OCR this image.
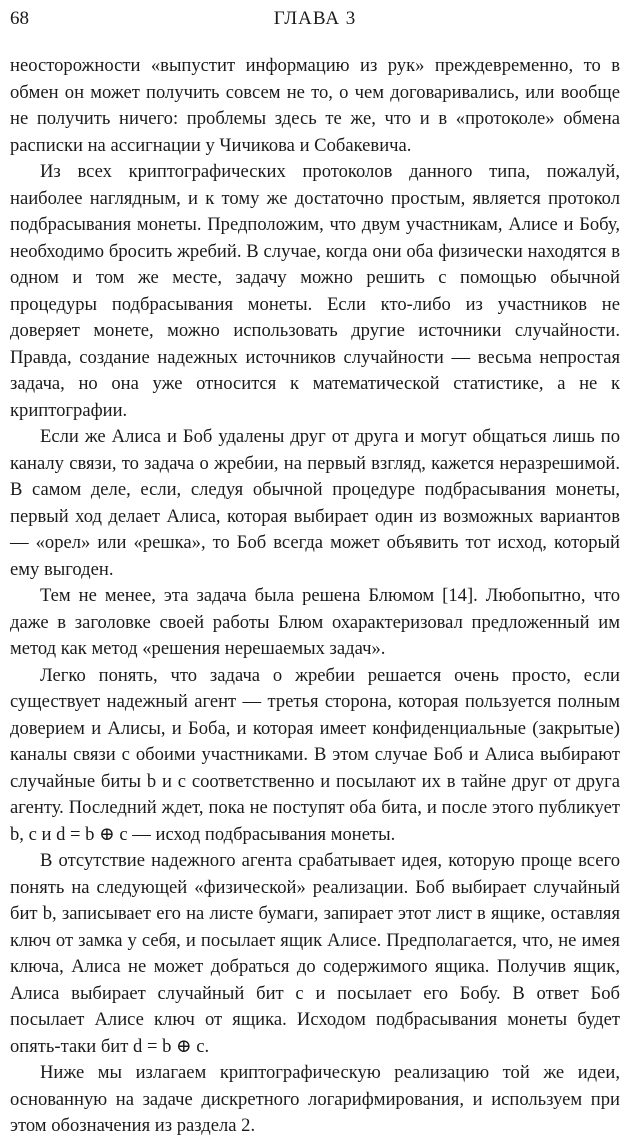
68	ГЛАВА 3

неосторожности «выпустит информацию из рук» преждевременно, то в обмен он может получить совсем не то, о чем договаривались, или вообще не получить ничего: проблемы здесь те же, что и в «протоколе» обмена расписки на ассигнации у Чичикова и Собакевича.

Из всех криптографических протоколов данного типа, пожалуй, наиболее наглядным, и к тому же достаточно простым, является протокол подбрасывания монеты. Предположим, что двум участникам, Алисе и Бобу, необходимо бросить жребий. В случае, когда они оба физически находятся в одном и том же месте, задачу можно решить с помощью обычной процедуры подбрасывания монеты. Если кто-либо из участников не доверяет монете, можно использовать другие источники случайности. Правда, создание надежных источников случайности — весьма непростая задача, но она уже относится к математической статистике, а не к криптографии.

Если же Алиса и Боб удалены друг от друга и могут общаться лишь по каналу связи, то задача о жребии, на первый взгляд, кажется неразрешимой. В самом деле, если, следуя обычной процедуре подбрасывания монеты, первый ход делает Алиса, которая выбирает один из возможных вариантов — «орел» или «решка», то Боб всегда может объявить тот исход, который ему выгоден.

Тем не менее, эта задача была решена Блюмом [14]. Любопытно, что даже в заголовке своей работы Блюм охарактеризовал предложенный им метод как метод «решения нерешаемых задач».

Легко понять, что задача о жребии решается очень просто, если существует надежный агент — третья сторона, которая пользуется полным доверием и Алисы, и Боба, и которая имеет конфиденциальные (закрытые) каналы связи с обоими участниками. В этом случае Боб и Алиса выбирают случайные биты b и c соответственно и посылают их в тайне друг от друга агенту. Последний ждет, пока не поступят оба бита, и после этого публикует b, c и d = b ⊕ c — исход подбрасывания монеты.

В отсутствие надежного агента срабатывает идея, которую проще всего понять на следующей «физической» реализации. Боб выбирает случайный бит b, записывает его на листе бумаги, запирает этот лист в ящике, оставляя ключ от замка у себя, и посылает ящик Алисе. Предполагается, что, не имея ключа, Алиса не может добраться до содержимого ящика. Получив ящик, Алиса выбирает случайный бит c и посылает его Бобу. В ответ Боб посылает Алисе ключ от ящика. Исходом подбрасывания монеты будет опять-таки бит d = b ⊕ c.

Ниже мы излагаем криптографическую реализацию той же идеи, основанную на задаче дискретного логарифмирования, и используем при этом обозначения из раздела 2.
